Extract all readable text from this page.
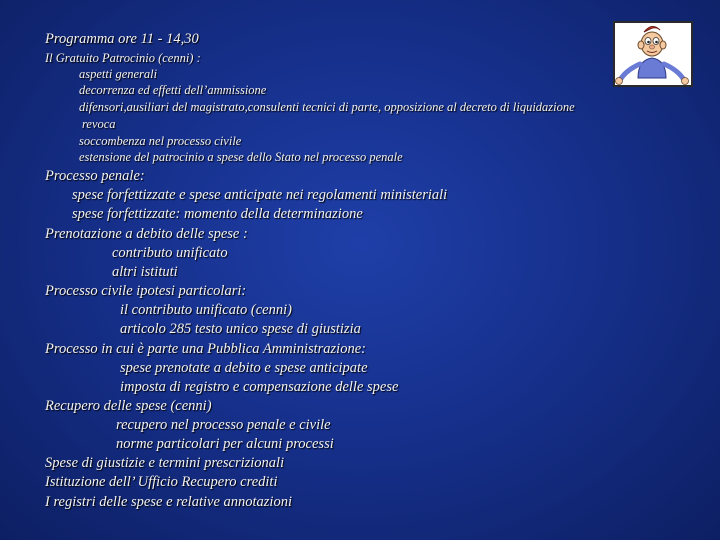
Programma ore 11 - 14,30
Il Gratuito Patrocinio (cenni) :
aspetti generali
decorrenza ed effetti dell’ammissione
difensori,ausiliari del magistrato,consulenti tecnici di parte, opposizione al decreto di liquidazione
revoca
soccombenza nel processo civile
estensione del patrocinio a spese dello Stato nel processo penale
Processo penale:
spese forfettizzate e spese anticipate nei regolamenti ministeriali
spese forfettizzate: momento della determinazione
Prenotazione a debito delle spese :
contributo unificato
altri istituti
Processo civile ipotesi particolari:
il contributo unificato (cenni)
articolo 285 testo unico spese di giustizia
Processo in cui è parte una Pubblica Amministrazione:
spese prenotate a debito e spese anticipate
imposta di registro e compensazione delle spese
Recupero delle spese (cenni)
recupero nel processo penale e civile
norme particolari per alcuni processi
Spese di giustizie e termini prescrizionali
Istituzione dell’ Ufficio Recupero crediti
I registri delle spese e relative annotazioni
